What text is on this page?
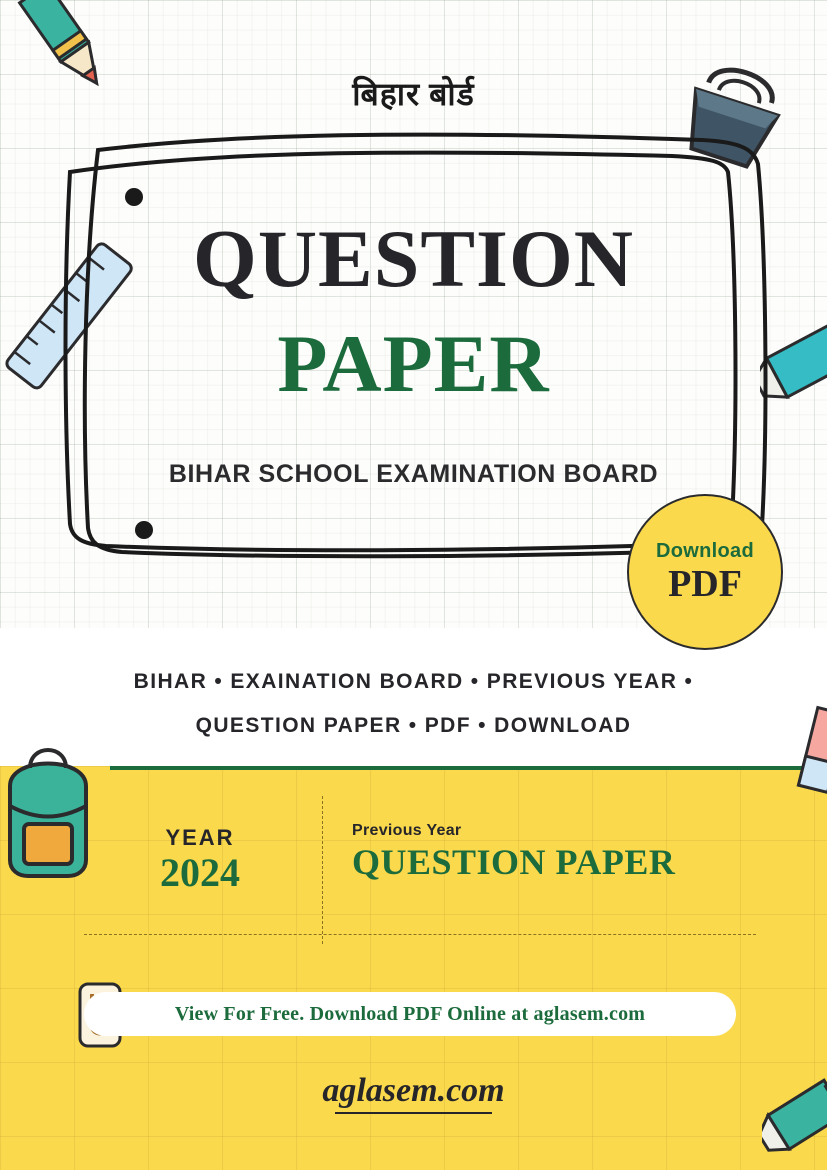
बिहार बोर्ड
QUESTION
PAPER
BIHAR SCHOOL EXAMINATION BOARD
Download
PDF
BIHAR • EXAINATION BOARD • PREVIOUS YEAR •
QUESTION PAPER • PDF • DOWNLOAD
YEAR
2024
Previous Year
QUESTION PAPER
View For Free. Download PDF Online at aglasem.com
aglasem.com
